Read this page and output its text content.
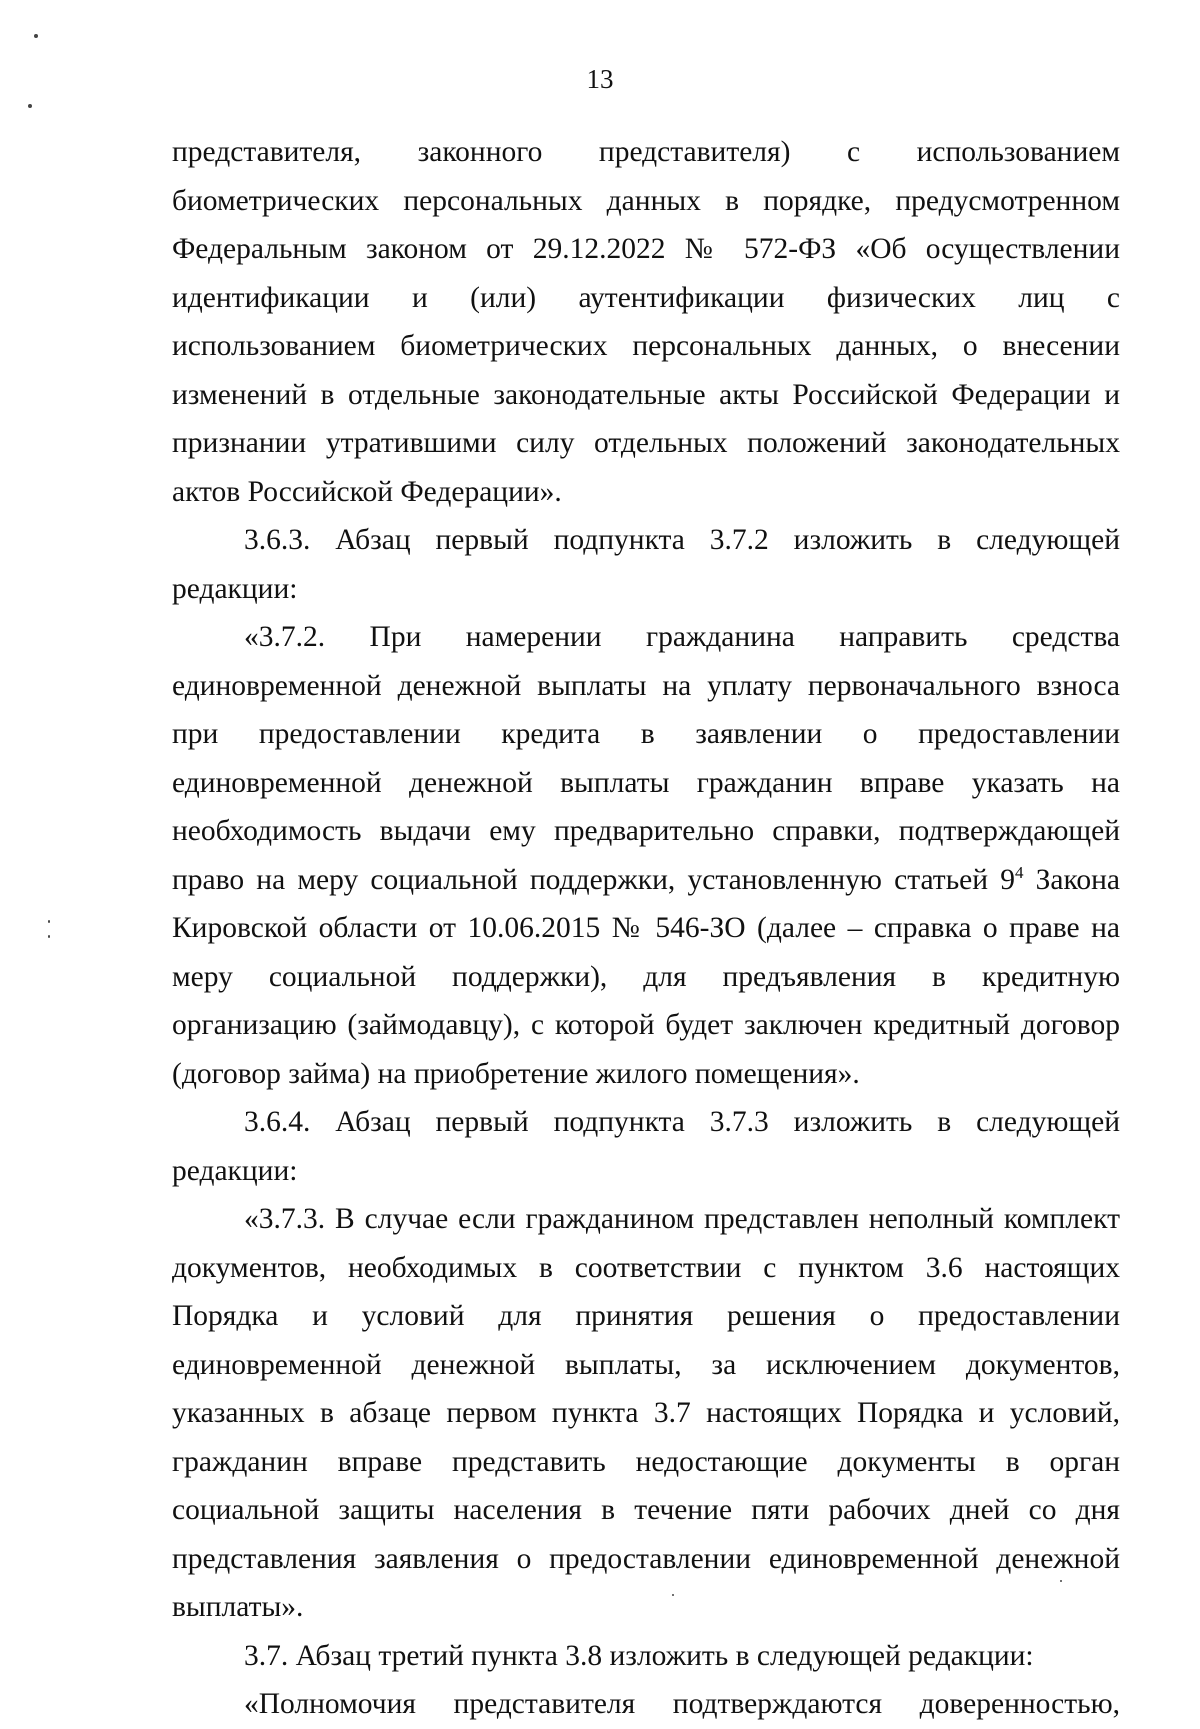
13

представителя, законного представителя) с использованием биометрических персональных данных в порядке, предусмотренном Федеральным законом от 29.12.2022 № 572-ФЗ «Об осуществлении идентификации и (или) аутентификации физических лиц с использованием биометрических персональных данных, о внесении изменений в отдельные законодательные акты Российской Федерации и признании утратившими силу отдельных положений законодательных актов Российской Федерации».

3.6.3. Абзац первый подпункта 3.7.2 изложить в следующей редакции:

«3.7.2. При намерении гражданина направить средства единовременной денежной выплаты на уплату первоначального взноса при предоставлении кредита в заявлении о предоставлении единовременной денежной выплаты гражданин вправе указать на необходимость выдачи ему предварительно справки, подтверждающей право на меру социальной поддержки, установленную статьей $9^4$ Закона Кировской области от 10.06.2015 № 546-ЗО (далее – справка о праве на меру социальной поддержки), для предъявления в кредитную организацию (займодавцу), с которой будет заключен кредитный договор (договор займа) на приобретение жилого помещения».

3.6.4. Абзац первый подпункта 3.7.3 изложить в следующей редакции:

«3.7.3. В случае если гражданином представлен неполный комплект документов, необходимых в соответствии с пунктом 3.6 настоящих Порядка и условий для принятия решения о предоставлении единовременной денежной выплаты, за исключением документов, указанных в абзаце первом пункта 3.7 настоящих Порядка и условий, гражданин вправе представить недостающие документы в орган социальной защиты населения в течение пяти рабочих дней со дня представления заявления о предоставлении единовременной денежной выплаты».

3.7. Абзац третий пункта 3.8 изложить в следующей редакции:

«Полномочия представителя подтверждаются доверенностью,
